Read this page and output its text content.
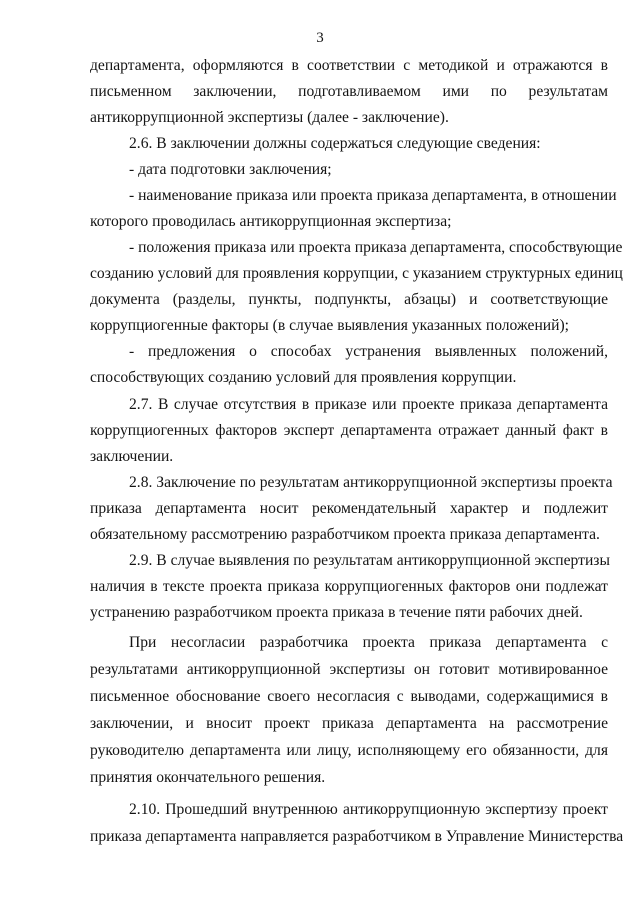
3
департамента, оформляются в соответствии с методикой и отражаются в
письменном заключении, подготавливаемом ими по результатам
антикоррупционной экспертизы (далее - заключение).
2.6. В заключении должны содержаться следующие сведения:
- дата подготовки заключения;
- наименование приказа или проекта приказа департамента, в отношении
которого проводилась антикоррупционная экспертиза;
- положения приказа или проекта приказа департамента, способствующие
созданию условий для проявления коррупции, с указанием структурных единиц
документа (разделы, пункты, подпункты, абзацы) и соответствующие
коррупциогенные факторы (в случае выявления указанных положений);
- предложения о способах устранения выявленных положений,
способствующих созданию условий для проявления коррупции.
2.7. В случае отсутствия в приказе или проекте приказа департамента
коррупциогенных факторов эксперт департамента отражает данный факт в
заключении.
2.8. Заключение по результатам антикоррупционной экспертизы проекта
приказа департамента носит рекомендательный характер и подлежит
обязательному рассмотрению разработчиком проекта приказа департамента.
2.9. В случае выявления по результатам антикоррупционной экспертизы
наличия в тексте проекта приказа коррупциогенных факторов они подлежат
устранению разработчиком проекта приказа в течение пяти рабочих дней.
При несогласии разработчика проекта приказа департамента с
результатами антикоррупционной экспертизы он готовит мотивированное
письменное обоснование своего несогласия с выводами, содержащимися в
заключении, и вносит проект приказа департамента на рассмотрение
руководителю департамента или лицу, исполняющему его обязанности, для
принятия окончательного решения.
2.10. Прошедший внутреннюю антикоррупционную экспертизу проект
приказа департамента направляется разработчиком в Управление Министерства
